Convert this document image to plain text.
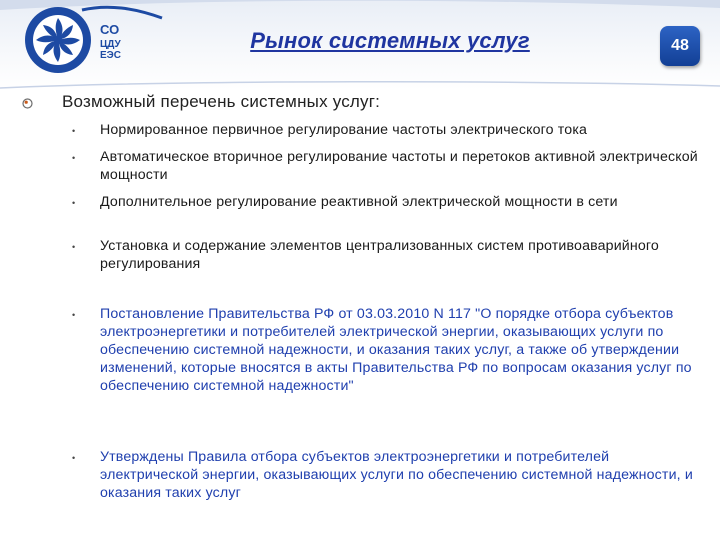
СО
ЦДУ
ЕЭС
Рынок системных услуг	48
Возможный перечень системных услуг:
•	Нормированное первичное регулирование частоты электрического тока
•	Автоматическое вторичное регулирование частоты и перетоков активной электрической мощности
•	Дополнительное регулирование реактивной электрической мощности в сети
•	Установка и содержание элементов централизованных систем противоаварийного регулирования
•	Постановление Правительства РФ от 03.03.2010 N 117 "О порядке отбора субъектов электроэнергетики и потребителей электрической энергии, оказывающих услуги по обеспечению системной надежности, и оказания таких услуг, а также об утверждении изменений, которые вносятся в акты Правительства РФ по вопросам оказания услуг по обеспечению системной надежности"
•	Утверждены Правила отбора субъектов электроэнергетики и потребителей электрической энергии, оказывающих услуги по обеспечению системной надежности, и оказания таких услуг
